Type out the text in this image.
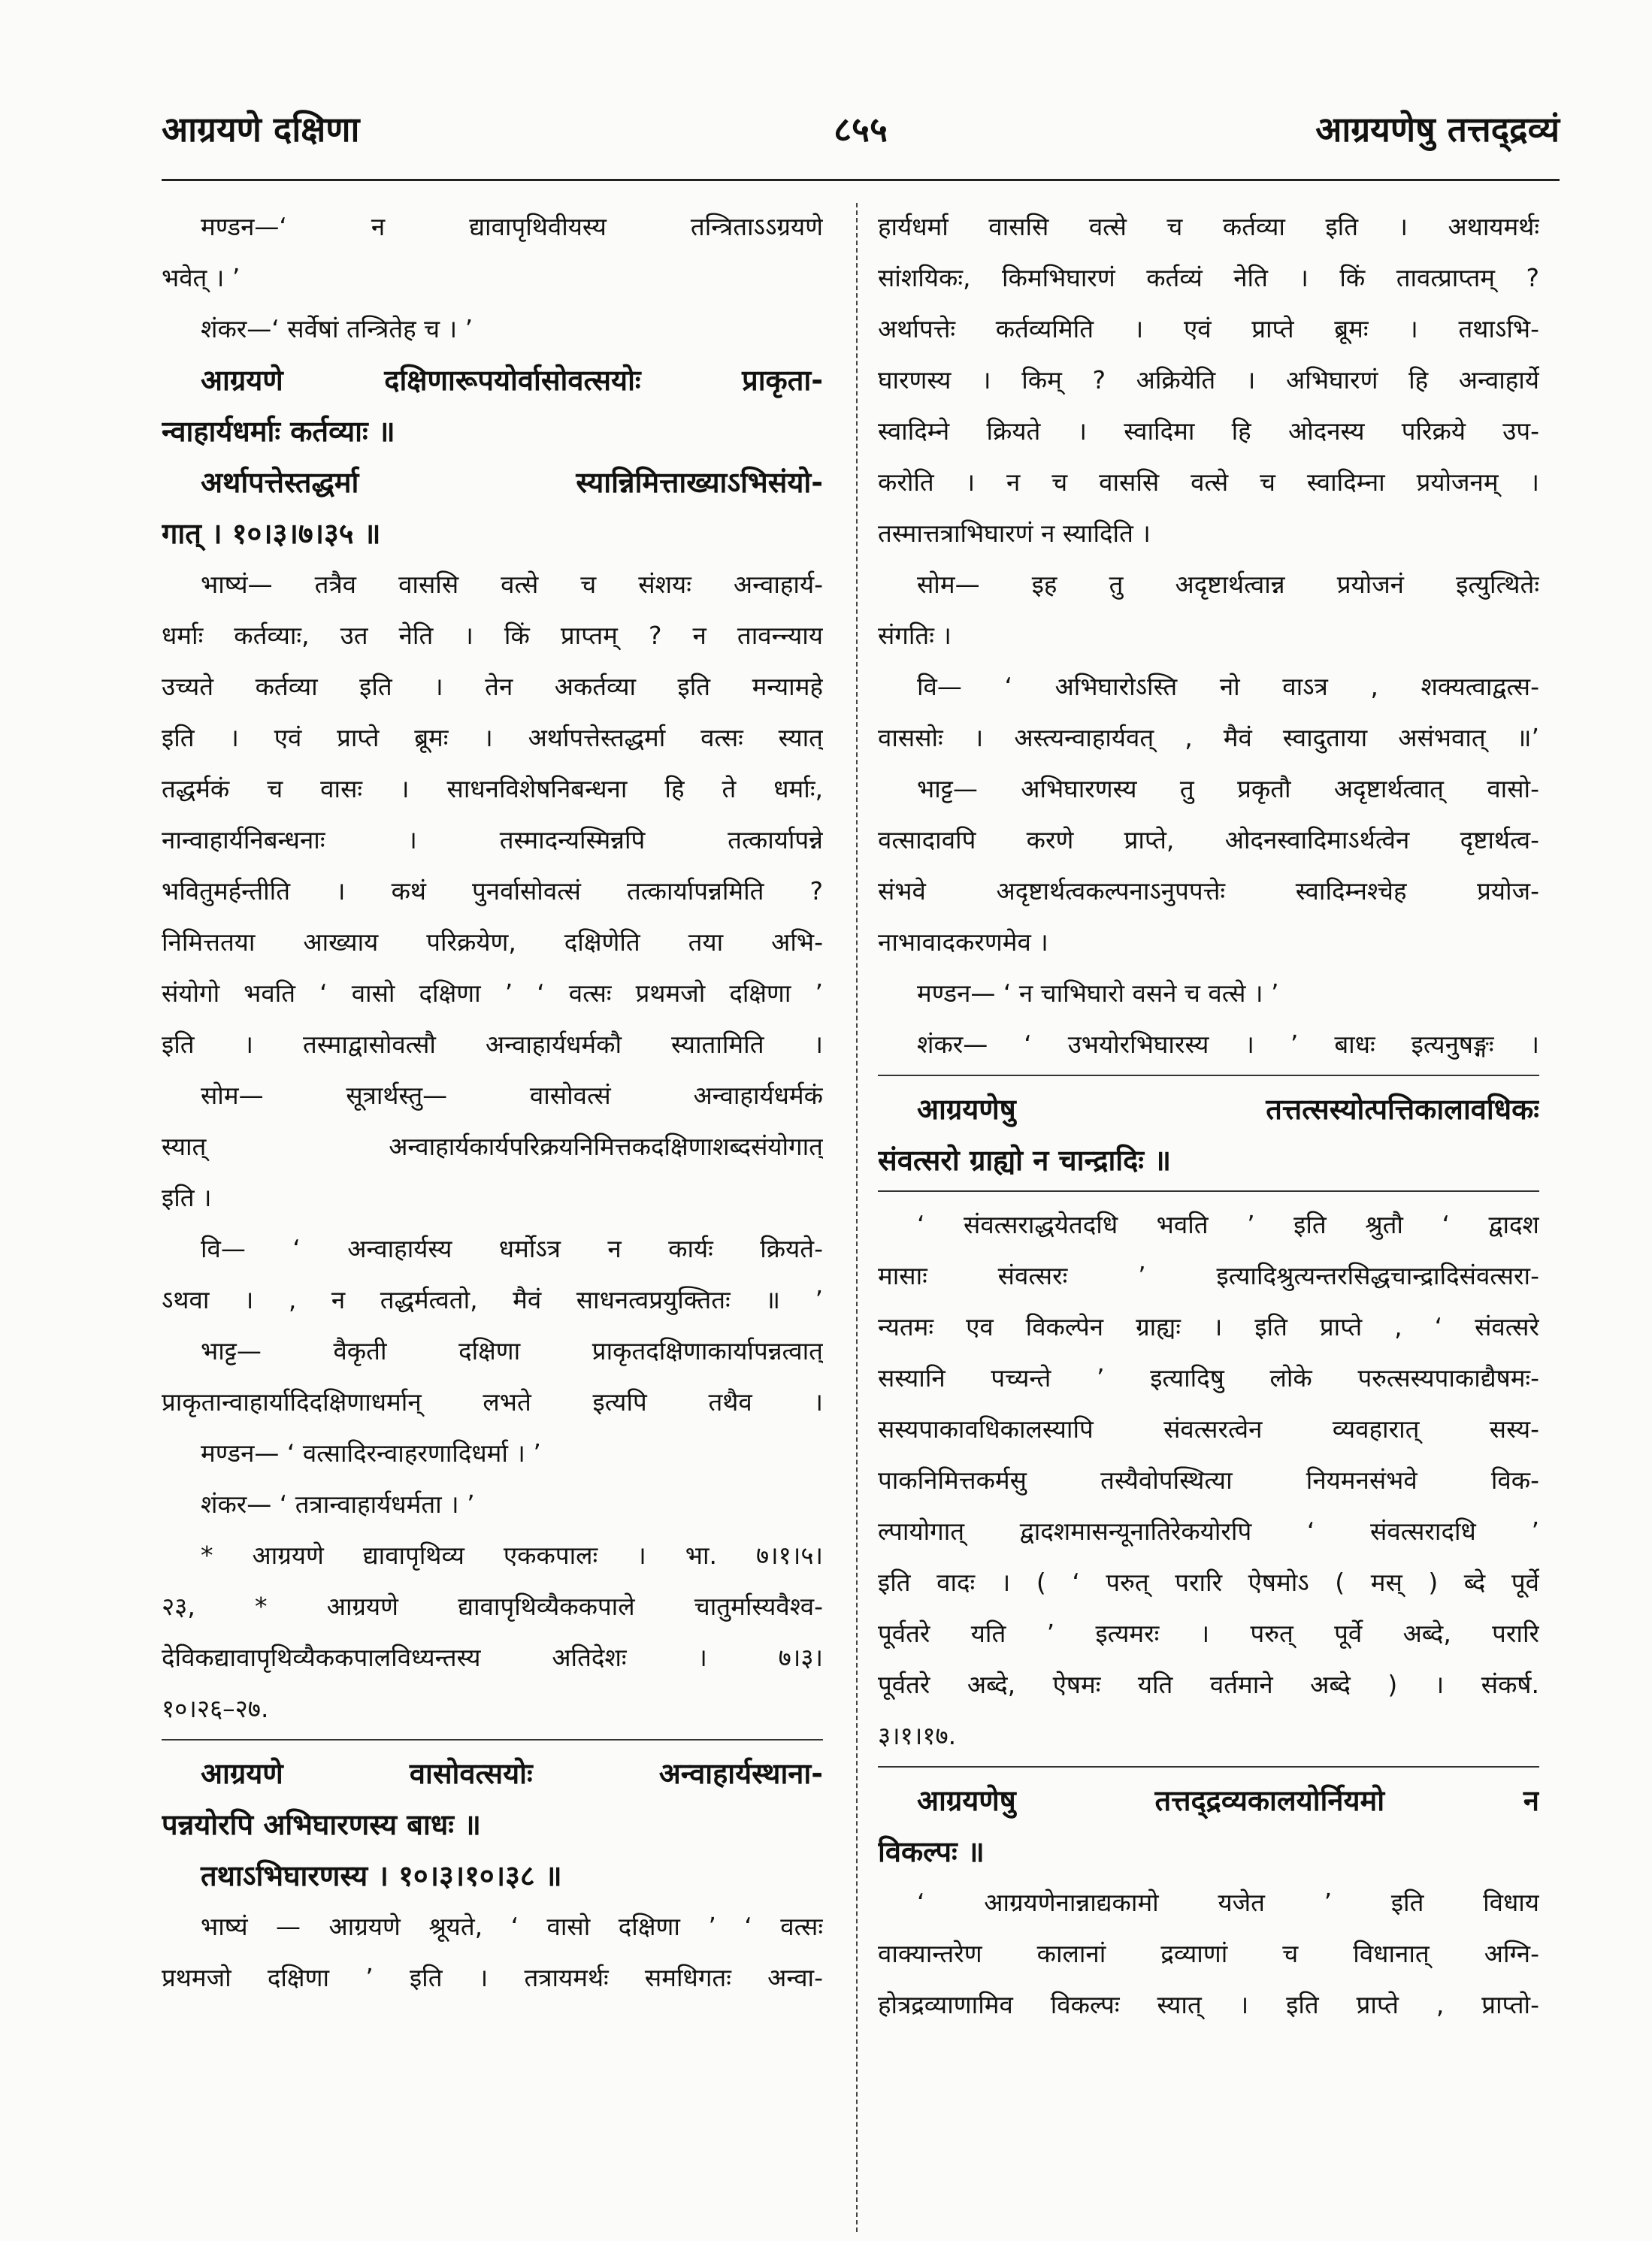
आग्रयणे दक्षिणा	८५५	आग्रयणेषु तत्तद्द्रव्यं
मण्डन—‘ न द्यावापृथिवीयस्य तन्त्रिताऽऽग्रयणे
भवेत् । ’
शंकर—‘ सर्वेषां तन्त्रितेह च । ’
आग्रयणे दक्षिणारूपयोर्वासोवत्सयोः प्राकृता-
न्वाहार्यधर्माः कर्तव्याः ॥
अर्थापत्तेस्तद्धर्मा स्यान्निमित्ताख्याऽभिसंयो-
गात् । १०।३।७।३५ ॥
भाष्यं— तत्रैव वाससि वत्से च संशयः अन्वाहार्य-
धर्माः कर्तव्याः, उत नेति । किं प्राप्तम् ? न तावन्न्याय
उच्यते कर्तव्या इति । तेन अकर्तव्या इति मन्यामहे
इति । एवं प्राप्ते ब्रूमः । अर्थापत्तेस्तद्धर्मा वत्सः स्यात्
तद्धर्मकं च वासः । साधनविशेषनिबन्धना हि ते धर्माः,
नान्वाहार्यनिबन्धनाः । तस्मादन्यस्मिन्नपि तत्कार्यापन्ने
भवितुमर्हन्तीति । कथं पुनर्वासोवत्सं तत्कार्यापन्नमिति ?
निमित्ततया आख्याय परिक्रयेण, दक्षिणेति तया अभि-
संयोगो भवति ‘ वासो दक्षिणा ’ ‘ वत्सः प्रथमजो दक्षिणा ’
इति । तस्माद्वासोवत्सौ अन्वाहार्यधर्मकौ स्यातामिति ।
सोम— सूत्रार्थस्तु— वासोवत्सं अन्वाहार्यधर्मकं
स्यात् अन्वाहार्यकार्यपरिक्रयनिमित्तकदक्षिणाशब्दसंयोगात्
इति ।
वि— ‘ अन्वाहार्यस्य धर्मोऽत्र न कार्यः क्रियते-
ऽथवा । , न तद्धर्मत्वतो, मैवं साधनत्वप्रयुक्तितः ॥ ’
भाट्ट— वैकृती दक्षिणा प्राकृतदक्षिणाकार्यापन्नत्वात्
प्राकृतान्वाहार्यादिदक्षिणाधर्मान् लभते इत्यपि तथैव ।
मण्डन— ‘ वत्सादिरन्वाहरणादिधर्मा । ’
शंकर— ‘ तत्रान्वाहार्यधर्मता । ’
* आग्रयणे द्यावापृथिव्य एककपालः । भा. ७।१।५।
२३, * आग्रयणे द्यावापृथिव्यैककपाले चातुर्मास्यवैश्व-
देविकद्यावापृथिव्यैककपालविध्यन्तस्य अतिदेशः । ७।३।
१०।२६–२७.
आग्रयणे वासोवत्सयोः अन्वाहार्यस्थाना-
पन्नयोरपि अभिघारणस्य बाधः ॥
तथाऽभिघारणस्य । १०।३।१०।३८ ॥
भाष्यं — आग्रयणे श्रूयते, ‘ वासो दक्षिणा ’ ‘ वत्सः
प्रथमजो दक्षिणा ’ इति । तत्रायमर्थः समधिगतः अन्वा-
हार्यधर्मा वाससि वत्से च कर्तव्या इति । अथायमर्थः
सांशयिकः, किमभिघारणं कर्तव्यं नेति । किं तावत्प्राप्तम् ?
अर्थापत्तेः कर्तव्यमिति । एवं प्राप्ते ब्रूमः । तथाऽभि-
घारणस्य । किम् ? अक्रियेति । अभिघारणं हि अन्वाहार्ये
स्वादिम्ने क्रियते । स्वादिमा हि ओदनस्य परिक्रये उप-
करोति । न च वाससि वत्से च स्वादिम्ना प्रयोजनम् ।
तस्मात्तत्राभिघारणं न स्यादिति ।
सोम— इह तु अदृष्टार्थत्वान्न प्रयोजनं इत्युत्थितेः
संगतिः ।
वि— ‘ अभिघारोऽस्ति नो वाऽत्र , शक्यत्वाद्वत्स-
वाससोः । अस्त्यन्वाहार्यवत् , मैवं स्वादुताया असंभवात् ॥’
भाट्ट— अभिघारणस्य तु प्रकृतौ अदृष्टार्थत्वात् वासो-
वत्सादावपि करणे प्राप्ते, ओदनस्वादिमाऽर्थत्वेन दृष्टार्थत्व-
संभवे अदृष्टार्थत्वकल्पनाऽनुपपत्तेः स्वादिम्नश्चेह प्रयोज-
नाभावादकरणमेव ।
मण्डन— ‘ न चाभिघारो वसने च वत्से । ’
शंकर— ‘ उभयोरभिघारस्य । ’ बाधः इत्यनुषङ्गः ।
आग्रयणेषु तत्तत्सस्योत्पत्तिकालावधिकः
संवत्सरो ग्राह्यो न चान्द्रादिः ॥
‘ संवत्सराद्धयेतदधि भवति ’ इति श्रुतौ ‘ द्वादश
मासाः संवत्सरः ’ इत्यादिश्रुत्यन्तरसिद्धचान्द्रादिसंवत्सरा-
न्यतमः एव विकल्पेन ग्राह्यः । इति प्राप्ते , ‘ संवत्सरे
सस्यानि पच्यन्ते ’ इत्यादिषु लोके परुत्सस्यपाकाद्यैषमः-
सस्यपाकावधिकालस्यापि संवत्सरत्वेन व्यवहारात् सस्य-
पाकनिमित्तकर्मसु तस्यैवोपस्थित्या नियमनसंभवे विक-
ल्पायोगात् द्वादशमासन्यूनातिरेकयोरपि ‘ संवत्सरादधि ’
इति वादः । ( ‘ परुत् परारि ऐषमोऽ ( मस् ) ब्दे पूर्वे
पूर्वतरे यति ’ इत्यमरः । परुत् पूर्वे अब्दे, परारि
पूर्वतरे अब्दे, ऐषमः यति वर्तमाने अब्दे ) । संकर्ष.
३।१।१७.
आग्रयणेषु तत्तद्द्रव्यकालयोर्नियमो न
विकल्पः ॥
‘ आग्रयणेनान्नाद्यकामो यजेत ’ इति विधाय
वाक्यान्तरेण कालानां द्रव्याणां च विधानात् अग्नि-
होत्रद्रव्याणामिव विकल्पः स्यात् । इति प्राप्ते , प्राप्तो-
